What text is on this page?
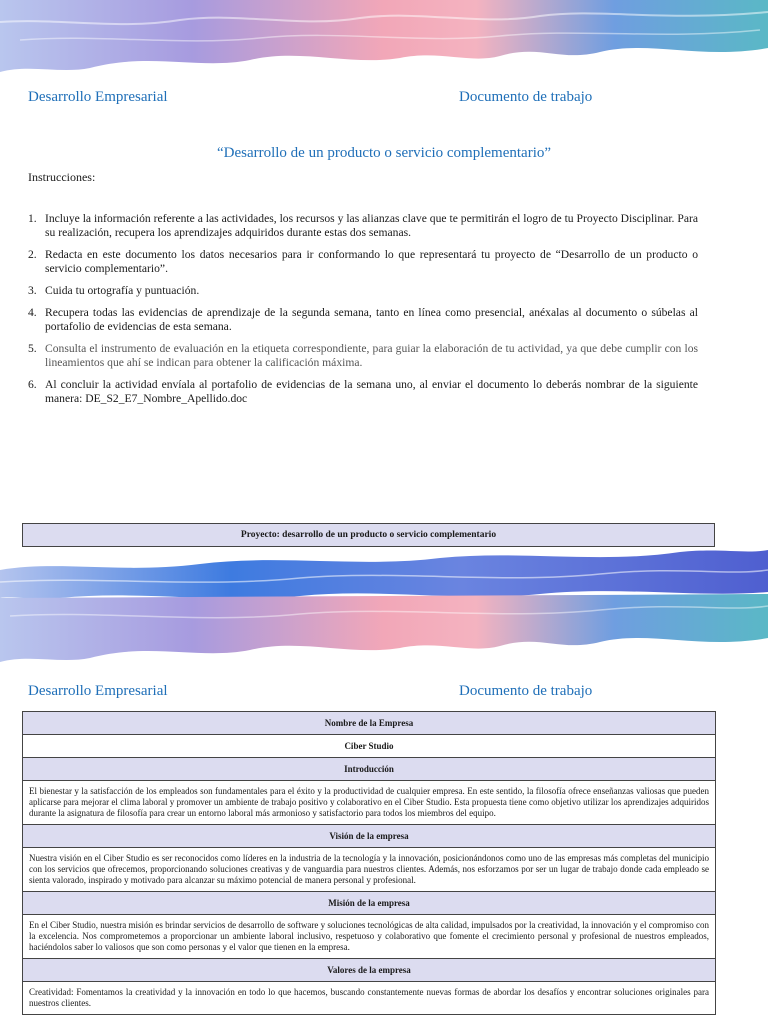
Desarrollo Empresarial	Documento de trabajo
“Desarrollo de un producto o servicio complementario”
Instrucciones:
1. Incluye la información referente a las actividades, los recursos y las alianzas clave que te permitirán el logro de tu Proyecto Disciplinar. Para su realización, recupera los aprendizajes adquiridos durante estas dos semanas.
2. Redacta en este documento los datos necesarios para ir conformando lo que representará tu proyecto de “Desarrollo de un producto o servicio complementario”.
3. Cuida tu ortografía y puntuación.
4. Recupera todas las evidencias de aprendizaje de la segunda semana, tanto en línea como presencial, anéxalas al documento o súbelas al portafolio de evidencias de esta semana.
5. Consulta el instrumento de evaluación en la etiqueta correspondiente, para guiar la elaboración de tu actividad, ya que debe cumplir con los lineamientos que ahí se indican para obtener la calificación máxima.
6. Al concluir la actividad envíala al portafolio de evidencias de la semana uno, al enviar el documento lo deberás nombrar de la siguiente manera: DE_S2_E7_Nombre_Apellido.doc
Proyecto: desarrollo de un producto o servicio complementario
Desarrollo Empresarial	Documento de trabajo
Nombre de la Empresa
Ciber Studio
Introducción
El bienestar y la satisfacción de los empleados son fundamentales para el éxito y la productividad de cualquier empresa. En este sentido, la filosofía ofrece enseñanzas valiosas que pueden aplicarse para mejorar el clima laboral y promover un ambiente de trabajo positivo y colaborativo en el Ciber Studio. Esta propuesta tiene como objetivo utilizar los aprendizajes adquiridos durante la asignatura de filosofía para crear un entorno laboral más armonioso y satisfactorio para todos los miembros del equipo.
Visión de la empresa
Nuestra visión en el Ciber Studio es ser reconocidos como líderes en la industria de la tecnología y la innovación, posicionándonos como uno de las empresas más completas del municipio con los servicios que ofrecemos, proporcionando soluciones creativas y de vanguardia para nuestros clientes. Además, nos esforzamos por ser un lugar de trabajo donde cada empleado se sienta valorado, inspirado y motivado para alcanzar su máximo potencial de manera personal y profesional.
Misión de la empresa
En el Ciber Studio, nuestra misión es brindar servicios de desarrollo de software y soluciones tecnológicas de alta calidad, impulsados por la creatividad, la innovación y el compromiso con la excelencia. Nos comprometemos a proporcionar un ambiente laboral inclusivo, respetuoso y colaborativo que fomente el crecimiento personal y profesional de nuestros empleados, haciéndolos saber lo valiosos que son como personas y el valor que tienen en la empresa.
Valores de la empresa
Creatividad: Fomentamos la creatividad y la innovación en todo lo que hacemos, buscando constantemente nuevas formas de abordar los desafíos y encontrar soluciones originales para nuestros clientes.
